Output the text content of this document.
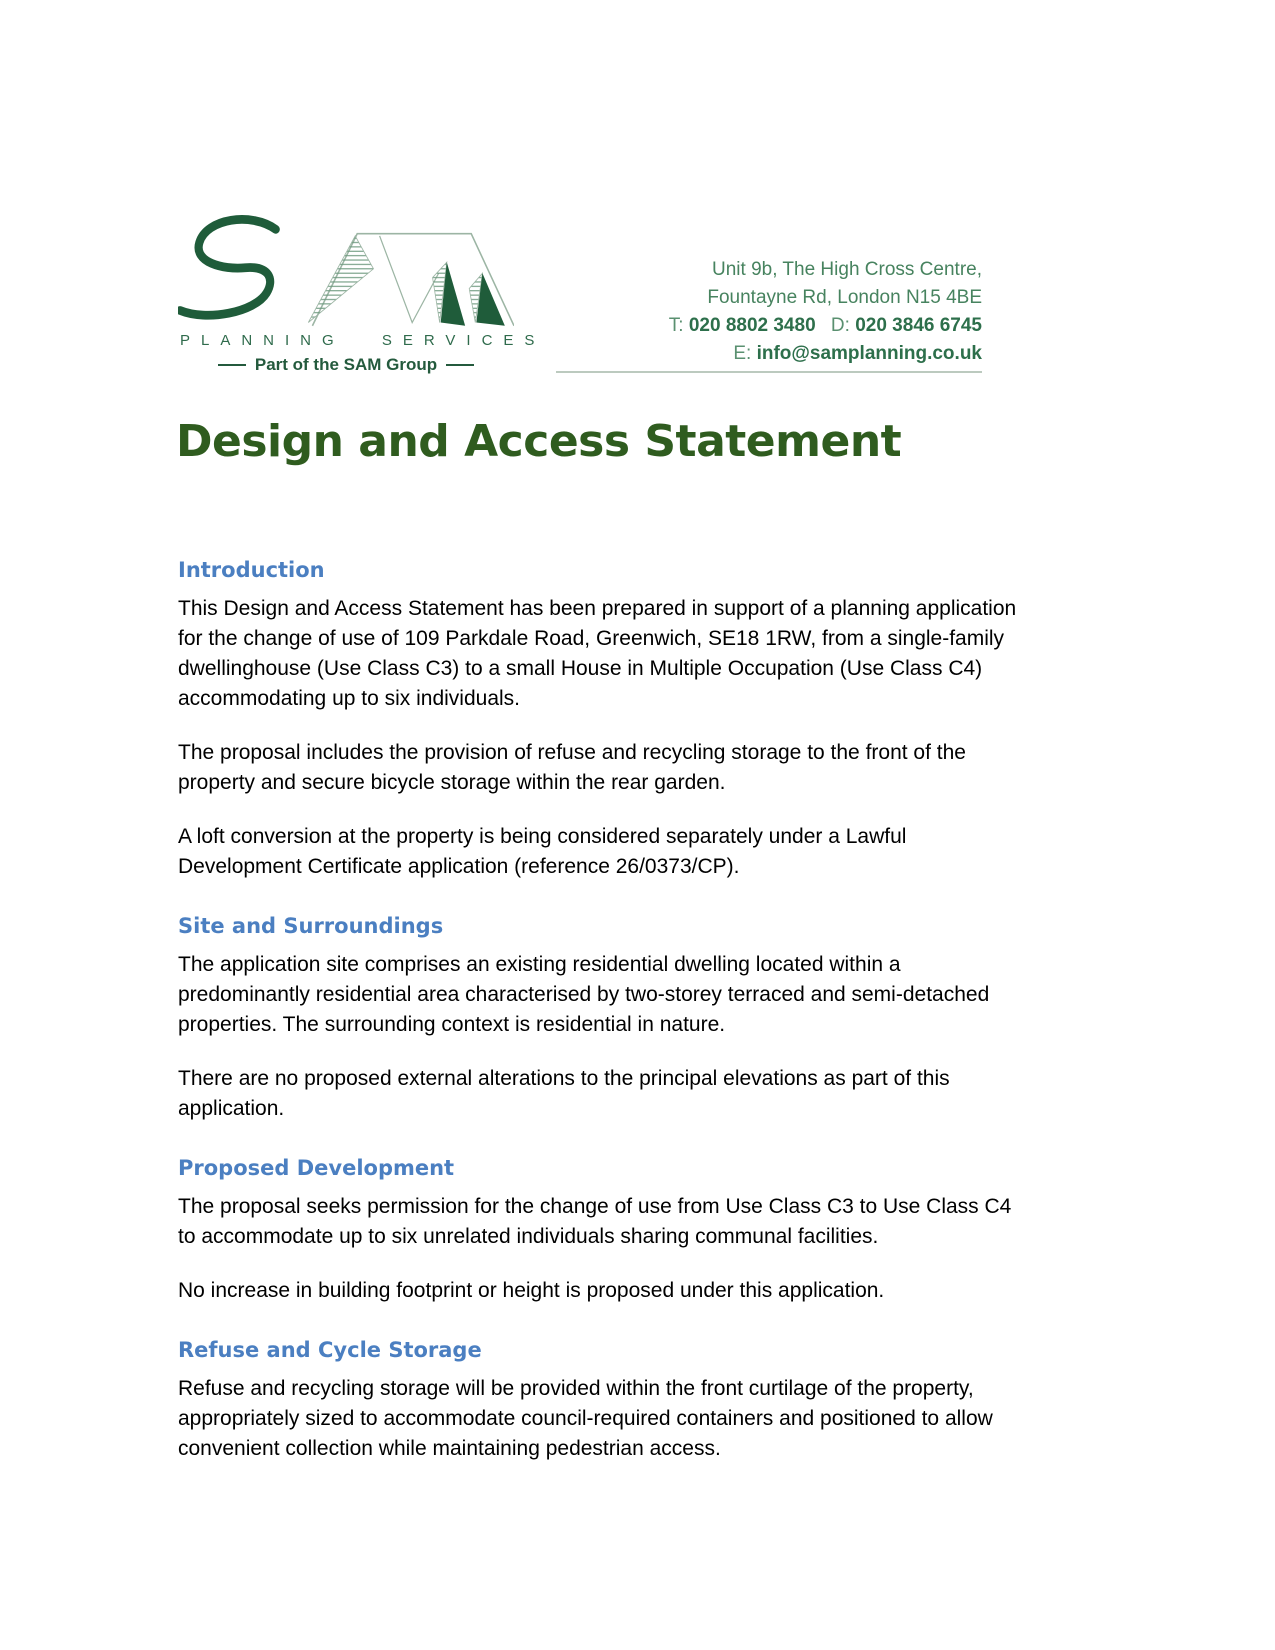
PLANNING SERVICES
Part of the SAM Group
Unit 9b, The High Cross Centre,
Fountayne Rd, London N15 4BE
T: 020 8802 3480 D: 020 3846 6745
E: info@samplanning.co.uk
Design and Access Statement
Introduction

This Design and Access Statement has been prepared in support of a planning application for the change of use of 109 Parkdale Road, Greenwich, SE18 1RW, from a single-family dwellinghouse (Use Class C3) to a small House in Multiple Occupation (Use Class C4) accommodating up to six individuals.

The proposal includes the provision of refuse and recycling storage to the front of the property and secure bicycle storage within the rear garden.

A loft conversion at the property is being considered separately under a Lawful Development Certificate application (reference 26/0373/CP).

Site and Surroundings

The application site comprises an existing residential dwelling located within a predominantly residential area characterised by two-storey terraced and semi-detached properties. The surrounding context is residential in nature.

There are no proposed external alterations to the principal elevations as part of this application.

Proposed Development

The proposal seeks permission for the change of use from Use Class C3 to Use Class C4 to accommodate up to six unrelated individuals sharing communal facilities.

No increase in building footprint or height is proposed under this application.

Refuse and Cycle Storage

Refuse and recycling storage will be provided within the front curtilage of the property, appropriately sized to accommodate council-required containers and positioned to allow convenient collection while maintaining pedestrian access.
